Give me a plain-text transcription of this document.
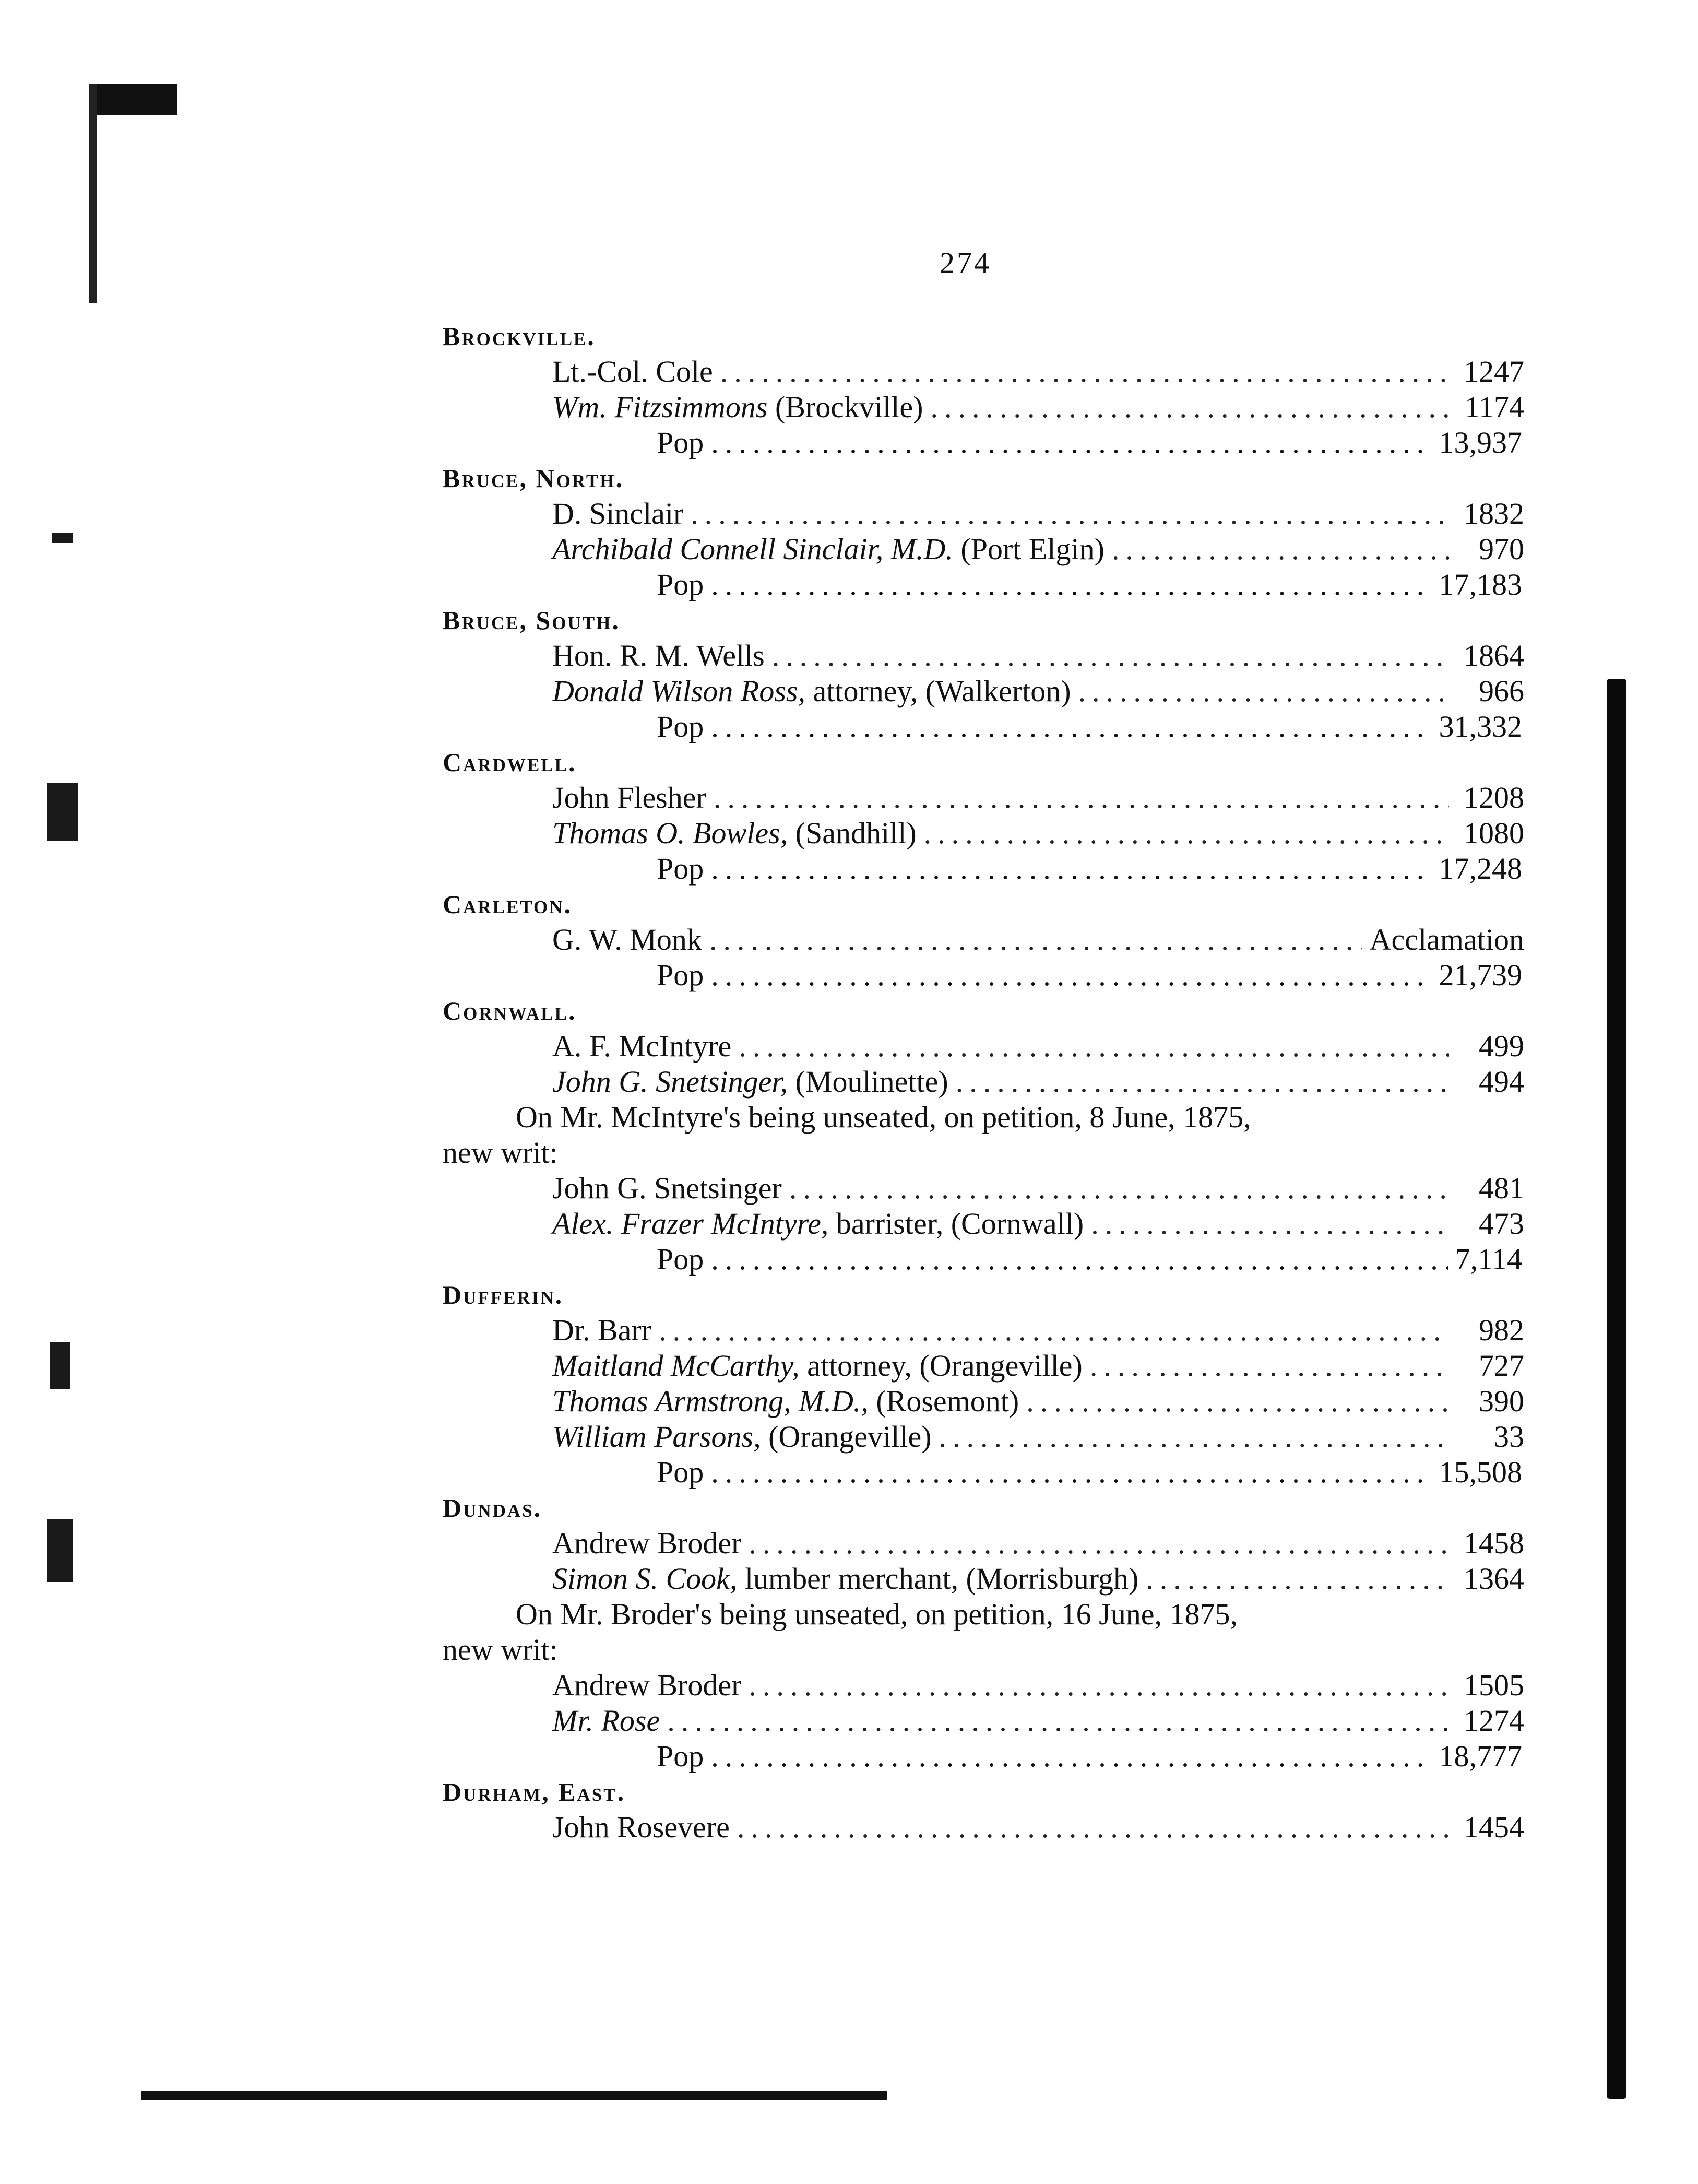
274
Brockville.
Lt.-Col. Cole .....	1247
Wm. Fitzsimmons (Brockville) .....	1174
Pop .....	13,937
Bruce, North.
D. Sinclair .....	1832
Archibald Connell Sinclair, M.D. (Port Elgin) .....	970
Pop .....	17,183
Bruce, South.
Hon. R. M. Wells .....	1864
Donald Wilson Ross, attorney, (Walkerton) .....	966
Pop .....	31,332
Cardwell.
John Flesher .....	1208
Thomas O. Bowles, (Sandhill) .....	1080
Pop .....	17,248
Carleton.
G. W. Monk .....	Acclamation
Pop .....	21,739
Cornwall.
A. F. McIntyre .....	499
John G. Snetsinger, (Moulinette) .....	494
On Mr. McIntyre's being unseated, on petition, 8 June, 1875,
new writ:
John G. Snetsinger .....	481
Alex. Frazer McIntyre, barrister, (Cornwall) .....	473
Pop .....	7,114
Dufferin.
Dr. Barr .....	982
Maitland McCarthy, attorney, (Orangeville) .....	727
Thomas Armstrong, M.D., (Rosemont) .....	390
William Parsons, (Orangeville) .....	33
Pop .....	15,508
Dundas.
Andrew Broder .....	1458
Simon S. Cook, lumber merchant, (Morrisburgh) .....	1364
On Mr. Broder's being unseated, on petition, 16 June, 1875,
new writ:
Andrew Broder .....	1505
Mr. Rose .....	1274
Pop .....	18,777
Durham, East.
John Rosevere .....	1454
